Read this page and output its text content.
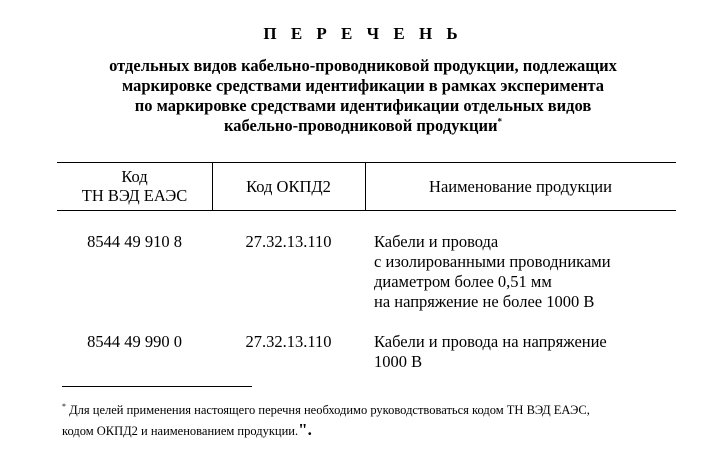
П Е Р Е Ч Е Н Ь
отдельных видов кабельно-проводниковой продукции, подлежащих
маркировке средствами идентификации в рамках эксперимента
по маркировке средствами идентификации отдельных видов
кабельно-проводниковой продукции*
Код
ТН ВЭД ЕАЭС	Код ОКПД2	Наименование продукции
8544 49 910 8	27.32.13.110	Кабели и провода
с изолированными проводниками
диаметром более 0,51 мм
на напряжение не более 1000 В
8544 49 990 0	27.32.13.110	Кабели и провода на напряжение
1000 В
* Для целей применения настоящего перечня необходимо руководствоваться кодом ТН ВЭД ЕАЭС,
кодом ОКПД2 и наименованием продукции.".
